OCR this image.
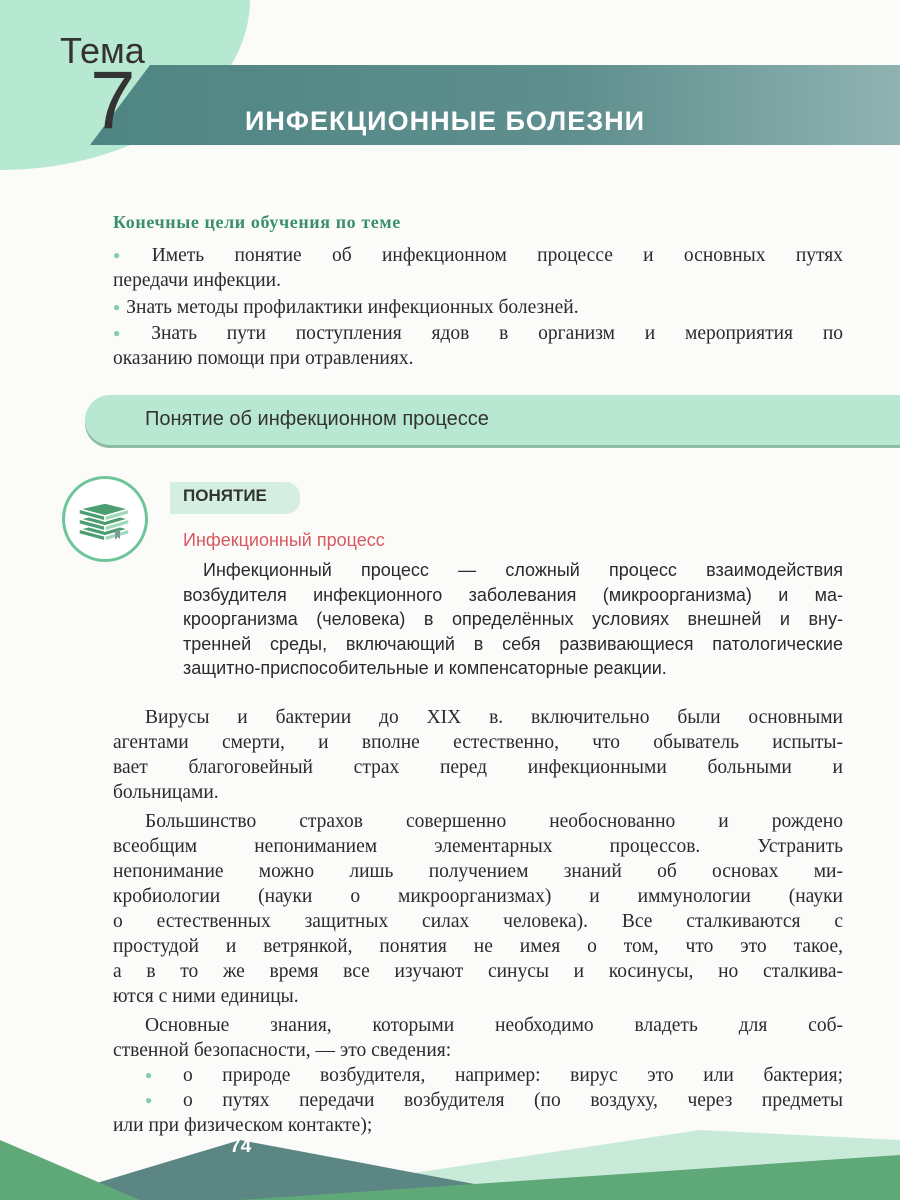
Тема
7	ИНФЕКЦИОННЫЕ БОЛЕЗНИ
Конечные цели обучения по теме
● Иметь понятие об инфекционном процессе и основных путях
передачи инфекции.
● Знать методы профилактики инфекционных болезней.
● Знать пути поступления ядов в организм и мероприятия по
оказанию помощи при отравлениях.
Понятие об инфекционном процессе
ПОНЯТИЕ
Инфекционный процесс
Инфекционный процесс — сложный процесс взаимодействия
возбудителя инфекционного заболевания (микроорганизма) и ма-
кроорганизма (человека) в определённых условиях внешней и вну-
тренней среды, включающий в себя развивающиеся патологические
защитно-приспособительные и компенсаторные реакции.
Вирусы и бактерии до XIX в. включительно были основными
агентами смерти, и вполне естественно, что обыватель испыты-
вает благоговейный страх перед инфекционными больными и
больницами.
Большинство страхов совершенно необоснованно и рождено
всеобщим непониманием элементарных процессов. Устранить
непонимание можно лишь получением знаний об основах ми-
кробиологии (науки о микроорганизмах) и иммунологии (науки
о естественных защитных силах человека). Все сталкиваются с
простудой и ветрянкой, понятия не имея о том, что это такое,
а в то же время все изучают синусы и косинусы, но сталкива-
ются с ними единицы.
Основные знания, которыми необходимо владеть для соб-
ственной безопасности, — это сведения:
● о природе возбудителя, например: вирус это или бактерия;
● о путях передачи возбудителя (по воздуху, через предметы
или при физическом контакте);
74
